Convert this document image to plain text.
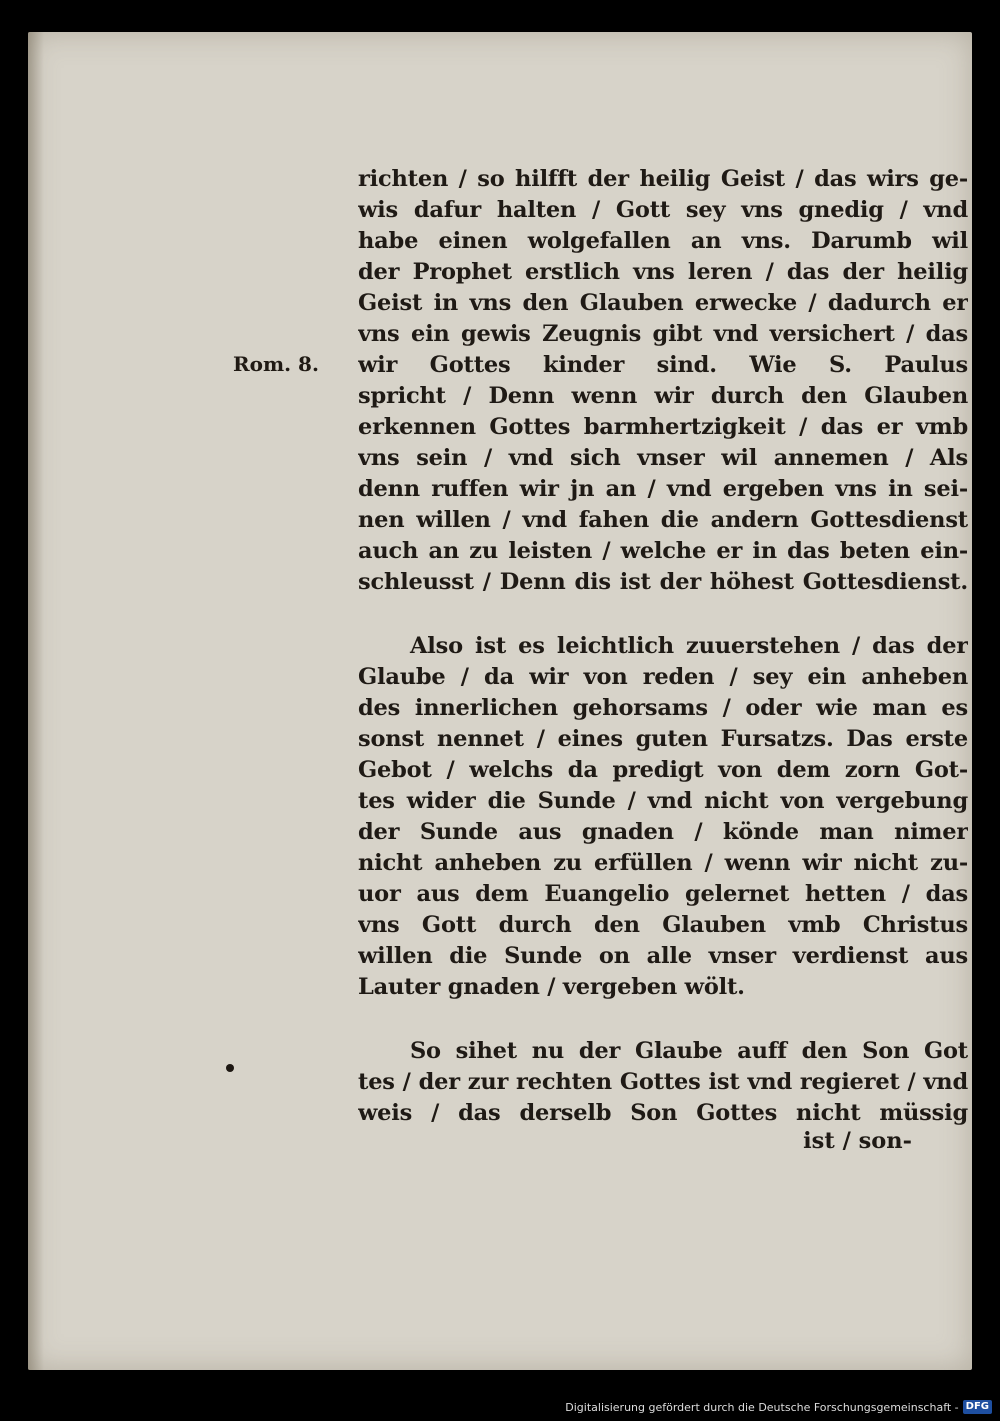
Rom. 8.
richten / so hilfft der heilig Geist / das wirs ge-
wis dafur halten / Gott sey vns gnedig / vnd
habe einen wolgefallen an vns. Darumb wil
der Prophet erstlich vns leren / das der heilig
Geist in vns den Glauben erwecke / dadurch er
vns ein gewis Zeugnis gibt vnd versichert / das
wir Gottes kinder sind. Wie S. Paulus
spricht / Denn wenn wir durch den Glauben
erkennen Gottes barmhertzigkeit / das er vmb
vns sein / vnd sich vnser wil annemen / Als
denn ruffen wir jn an / vnd ergeben vns in sei-
nen willen / vnd fahen die andern Gottesdienst
auch an zu leisten / welche er in das beten ein-
schleusst / Denn dis ist der höhest Gottesdienst.
Also ist es leichtlich zuuerstehen / das der
Glaube / da wir von reden / sey ein anheben
des innerlichen gehorsams / oder wie man es
sonst nennet / eines guten Fursatzs. Das erste
Gebot / welchs da predigt von dem zorn Got-
tes wider die Sunde / vnd nicht von vergebung
der Sunde aus gnaden / könde man nimer
nicht anheben zu erfüllen / wenn wir nicht zu-
uor aus dem Euangelio gelernet hetten / das
vns Gott durch den Glauben vmb Christus
willen die Sunde on alle vnser verdienst aus
Lauter gnaden / vergeben wölt.
So sihet nu der Glaube auff den Son Got
tes / der zur rechten Gottes ist vnd regieret / vnd
weis / das derselb Son Gottes nicht müssig
ist / son-
Digitalisierung gefördert durch die Deutsche Forschungsgemeinschaft - DFG
